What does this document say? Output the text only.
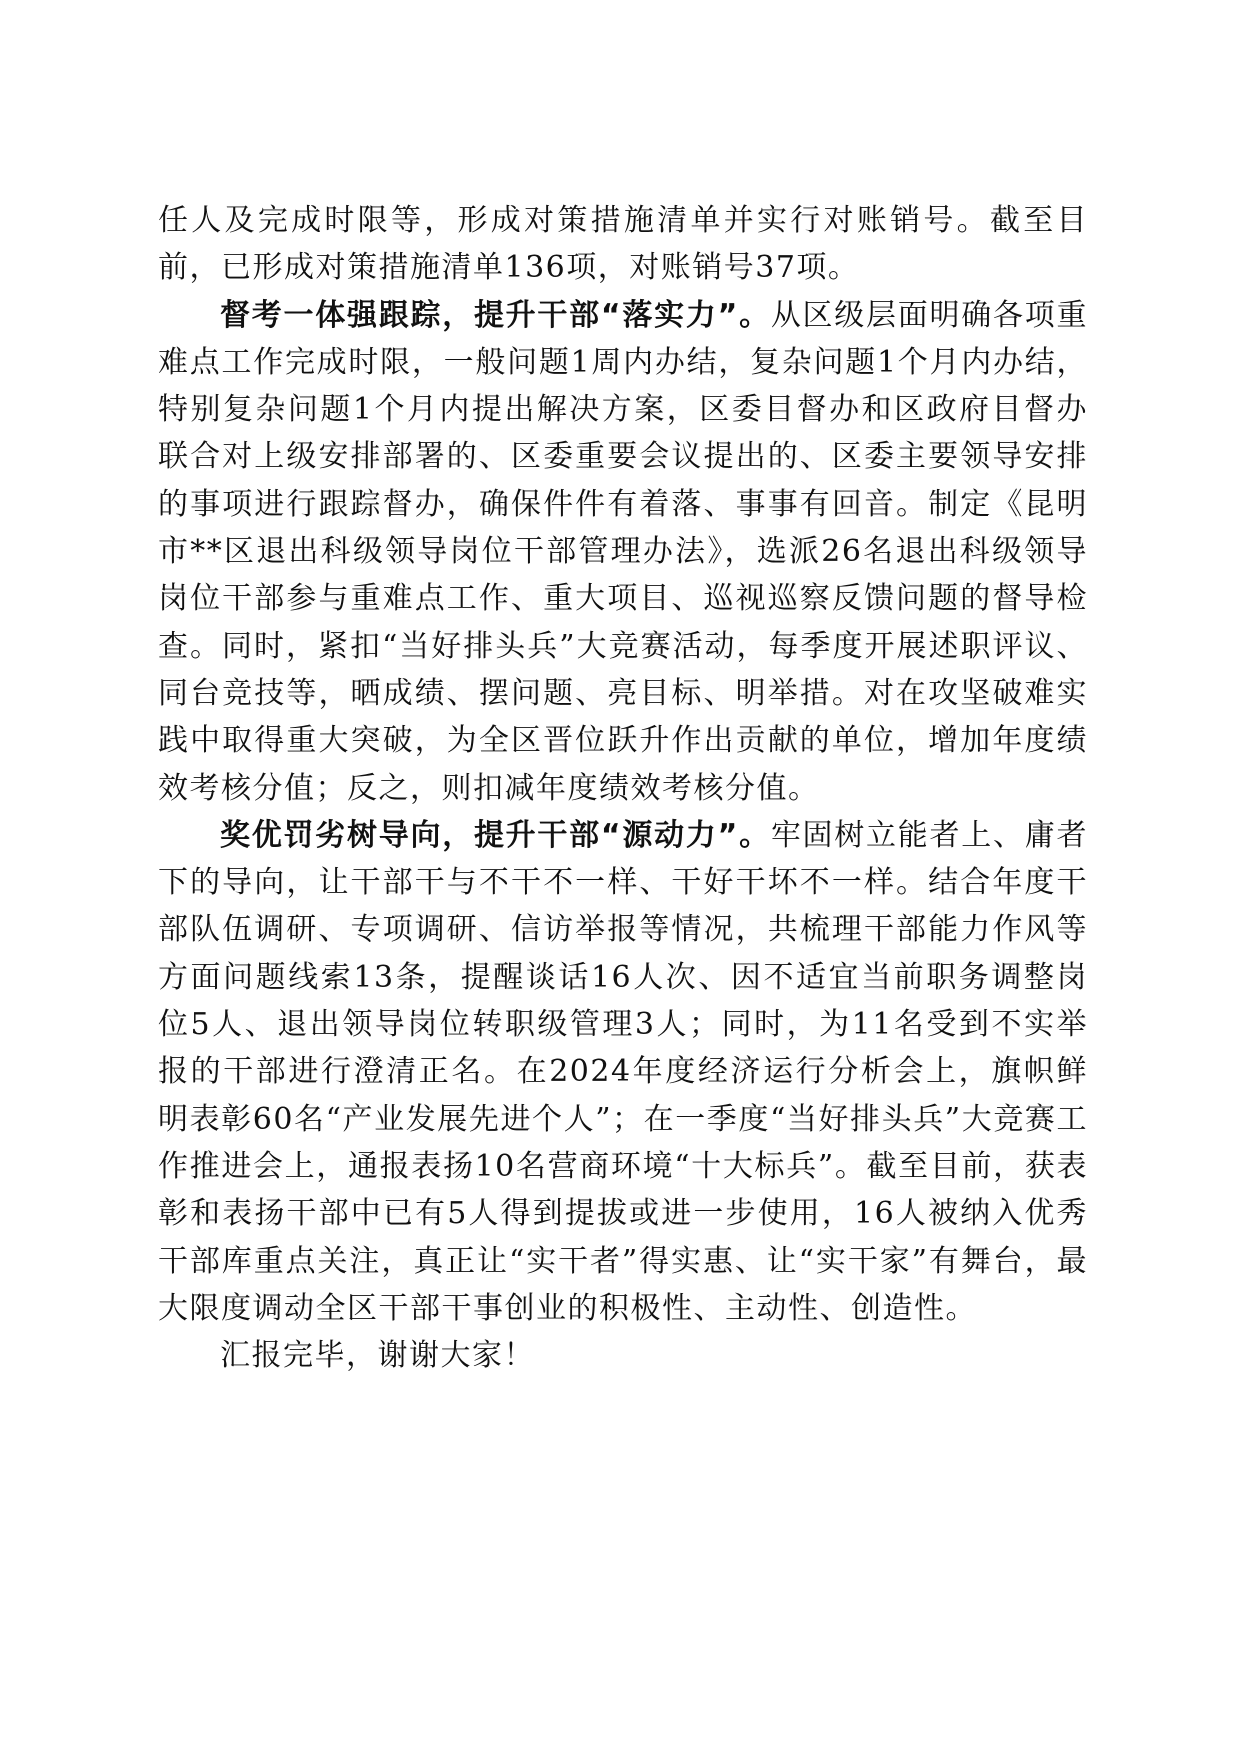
任人及完成时限等，形成对策措施清单并实行对账销号。截至目前，已形成对策措施清单136项，对账销号37项。

督考一体强跟踪，提升干部“落实力”。从区级层面明确各项重难点工作完成时限，一般问题1周内办结，复杂问题1个月内办结，特别复杂问题1个月内提出解决方案，区委目督办和区政府目督办联合对上级安排部署的、区委重要会议提出的、区委主要领导安排的事项进行跟踪督办，确保件件有着落、事事有回音。制定《昆明市**区退出科级领导岗位干部管理办法》，选派26名退出科级领导岗位干部参与重难点工作、重大项目、巡视巡察反馈问题的督导检查。同时，紧扣“当好排头兵”大竞赛活动，每季度开展述职评议、同台竞技等，晒成绩、摆问题、亮目标、明举措。对在攻坚破难实践中取得重大突破，为全区晋位跃升作出贡献的单位，增加年度绩效考核分值；反之，则扣减年度绩效考核分值。

奖优罚劣树导向，提升干部“源动力”。牢固树立能者上、庸者下的导向，让干部干与不干不一样、干好干坏不一样。结合年度干部队伍调研、专项调研、信访举报等情况，共梳理干部能力作风等方面问题线索13条，提醒谈话16人次、因不适宜当前职务调整岗位5人、退出领导岗位转职级管理3人；同时，为11名受到不实举报的干部进行澄清正名。在2024年度经济运行分析会上，旗帜鲜明表彰60名“产业发展先进个人”；在一季度“当好排头兵”大竞赛工作推进会上，通报表扬10名营商环境“十大标兵”。截至目前，获表彰和表扬干部中已有5人得到提拔或进一步使用，16人被纳入优秀干部库重点关注，真正让“实干者”得实惠、让“实干家”有舞台，最大限度调动全区干部干事创业的积极性、主动性、创造性。

汇报完毕，谢谢大家！
